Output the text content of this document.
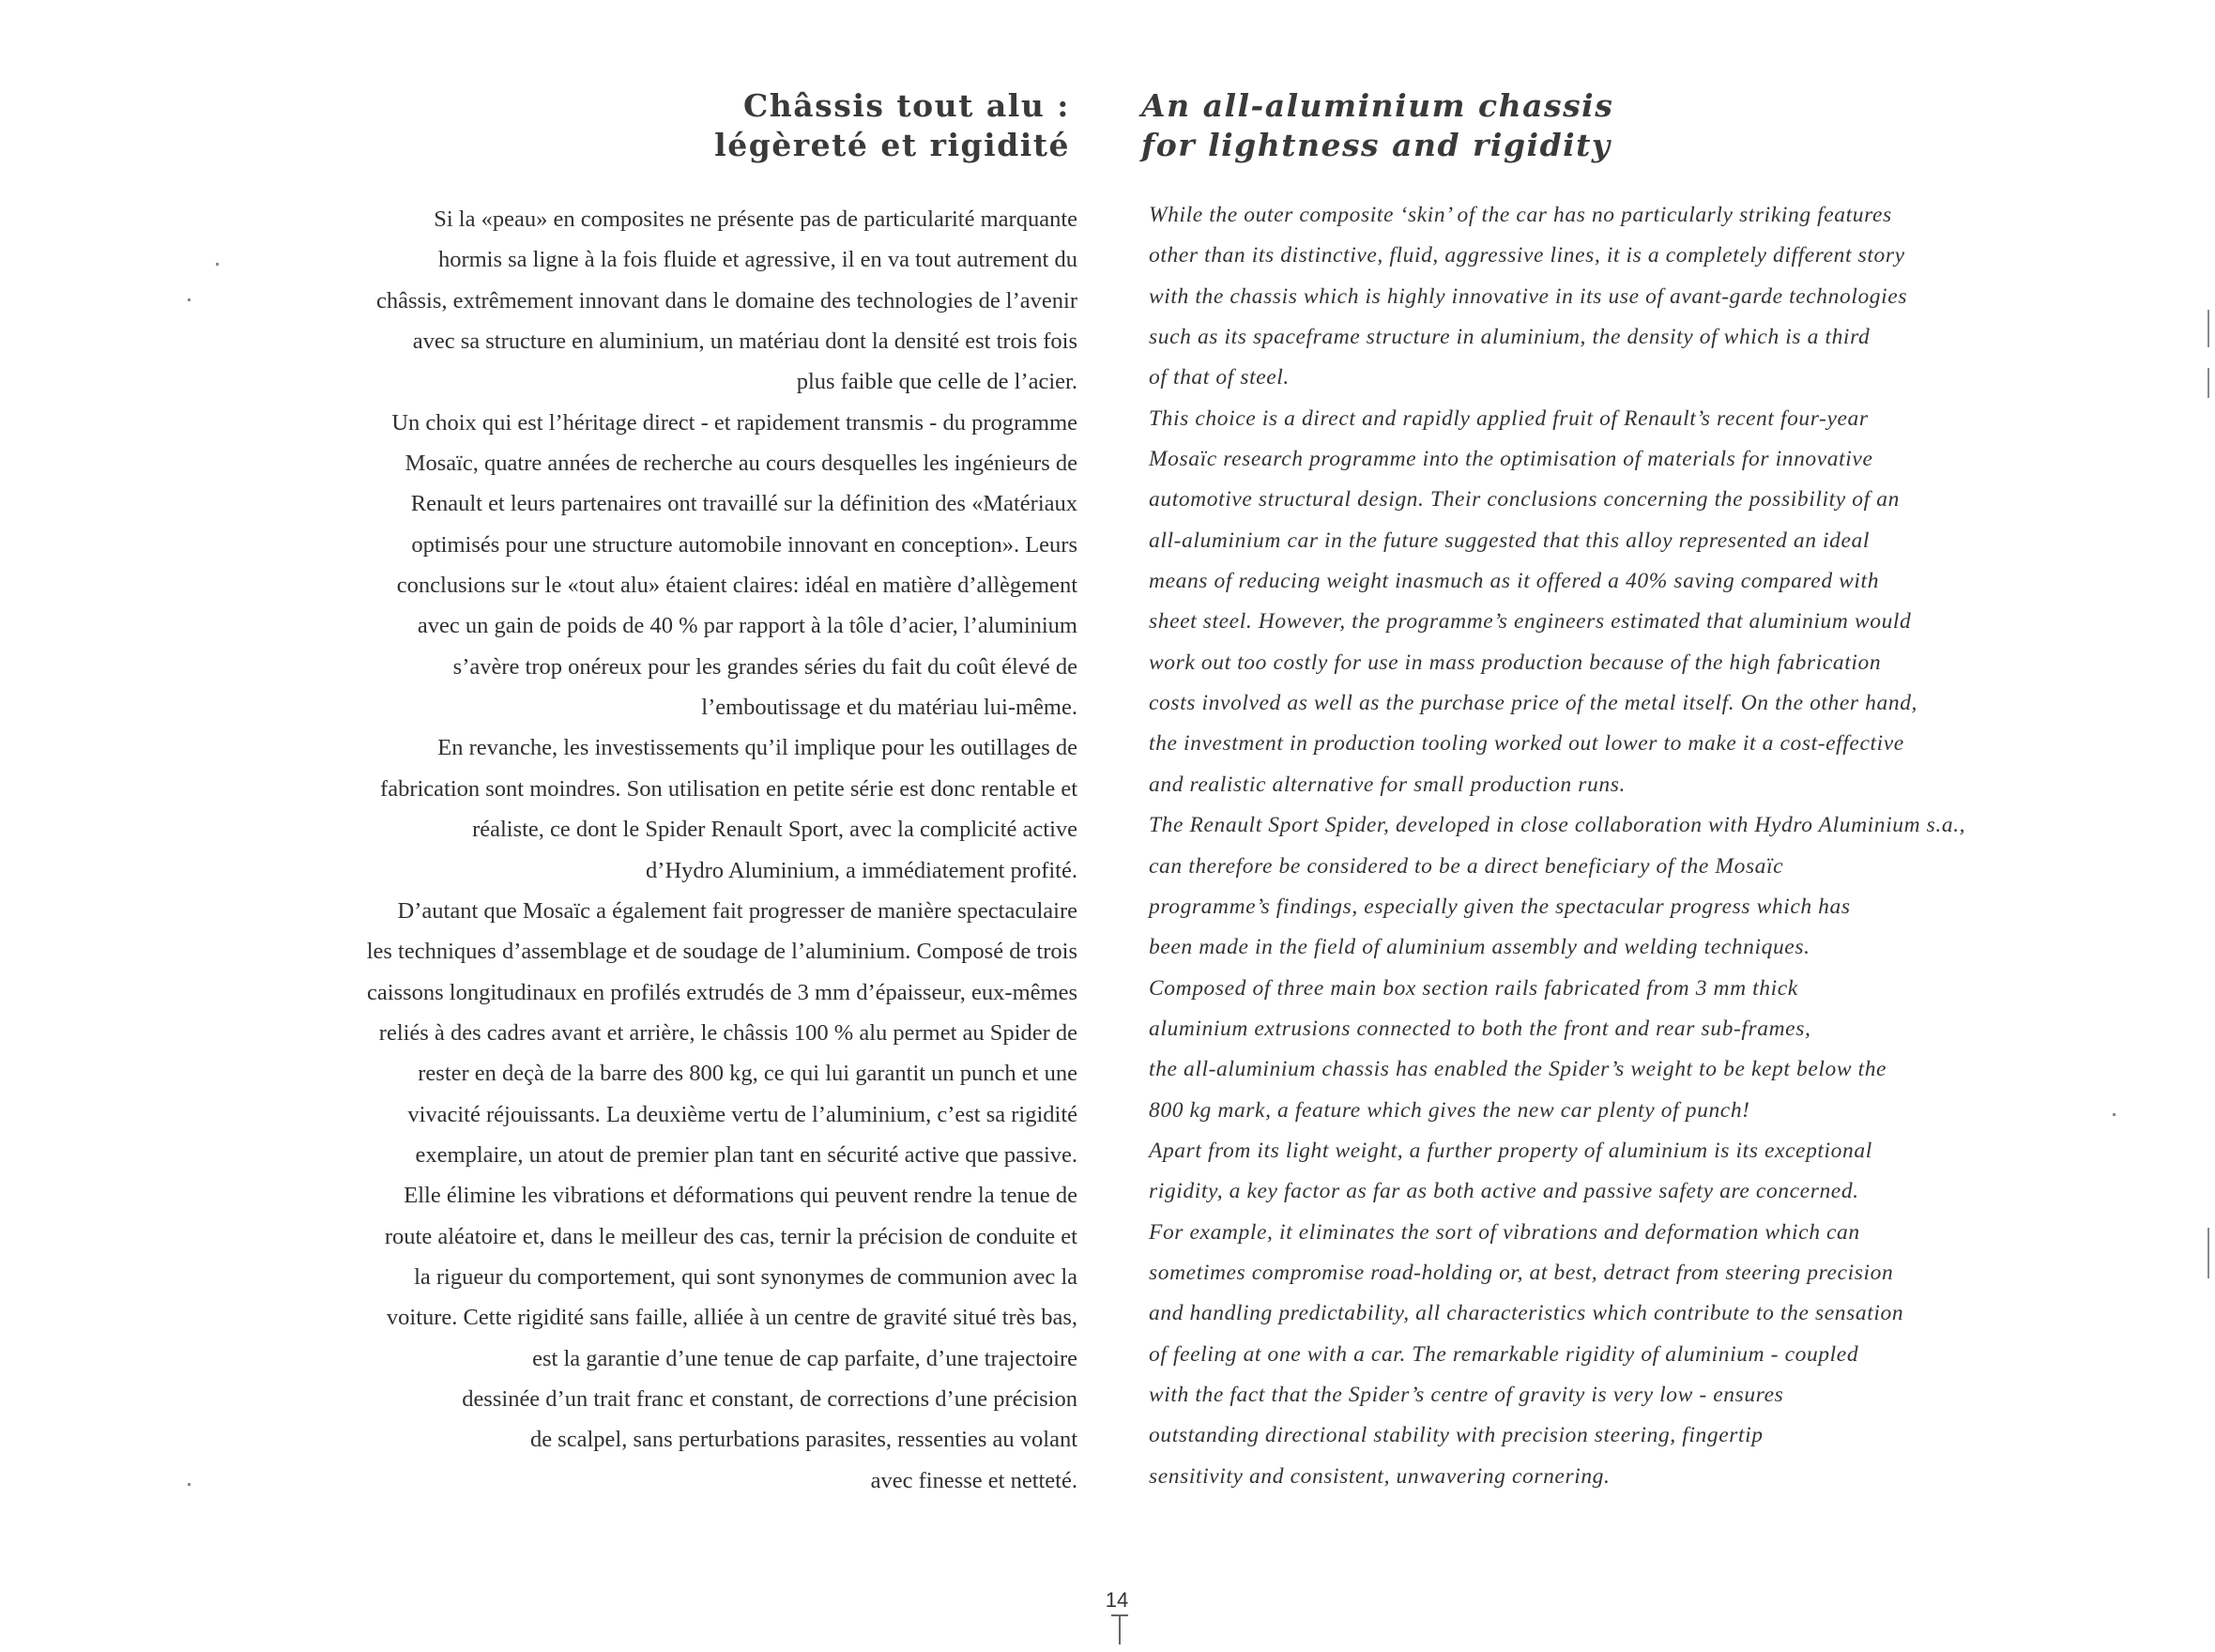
Châssis tout alu :
légèreté et rigidité
An all-aluminium chassis
for lightness and rigidity
Si la «peau» en composites ne présente pas de particularité marquante
hormis sa ligne à la fois fluide et agressive, il en va tout autrement du
châssis, extrêmement innovant dans le domaine des technologies de l’avenir
avec sa structure en aluminium, un matériau dont la densité est trois fois
plus faible que celle de l’acier.
Un choix qui est l’héritage direct - et rapidement transmis - du programme
Mosaïc, quatre années de recherche au cours desquelles les ingénieurs de
Renault et leurs partenaires ont travaillé sur la définition des «Matériaux
optimisés pour une structure automobile innovant en conception». Leurs
conclusions sur le «tout alu» étaient claires: idéal en matière d’allègement
avec un gain de poids de 40 % par rapport à la tôle d’acier, l’aluminium
s’avère trop onéreux pour les grandes séries du fait du coût élevé de
l’emboutissage et du matériau lui-même.
En revanche, les investissements qu’il implique pour les outillages de
fabrication sont moindres. Son utilisation en petite série est donc rentable et
réaliste, ce dont le Spider Renault Sport, avec la complicité active
d’Hydro Aluminium, a immédiatement profité.
D’autant que Mosaïc a également fait progresser de manière spectaculaire
les techniques d’assemblage et de soudage de l’aluminium. Composé de trois
caissons longitudinaux en profilés extrudés de 3 mm d’épaisseur, eux-mêmes
reliés à des cadres avant et arrière, le châssis 100 % alu permet au Spider de
rester en deçà de la barre des 800 kg, ce qui lui garantit un punch et une
vivacité réjouissants. La deuxième vertu de l’aluminium, c’est sa rigidité
exemplaire, un atout de premier plan tant en sécurité active que passive.
Elle élimine les vibrations et déformations qui peuvent rendre la tenue de
route aléatoire et, dans le meilleur des cas, ternir la précision de conduite et
la rigueur du comportement, qui sont synonymes de communion avec la
voiture. Cette rigidité sans faille, alliée à un centre de gravité situé très bas,
est la garantie d’une tenue de cap parfaite, d’une trajectoire
dessinée d’un trait franc et constant, de corrections d’une précision
de scalpel, sans perturbations parasites, ressenties au volant
avec finesse et netteté.
While the outer composite ‘skin’ of the car has no particularly striking features
other than its distinctive, fluid, aggressive lines, it is a completely different story
with the chassis which is highly innovative in its use of avant-garde technologies
such as its spaceframe structure in aluminium, the density of which is a third
of that of steel.
This choice is a direct and rapidly applied fruit of Renault’s recent four-year
Mosaïc research programme into the optimisation of materials for innovative
automotive structural design. Their conclusions concerning the possibility of an
all-aluminium car in the future suggested that this alloy represented an ideal
means of reducing weight inasmuch as it offered a 40% saving compared with
sheet steel. However, the programme’s engineers estimated that aluminium would
work out too costly for use in mass production because of the high fabrication
costs involved as well as the purchase price of the metal itself. On the other hand,
the investment in production tooling worked out lower to make it a cost-effective
and realistic alternative for small production runs.
The Renault Sport Spider, developed in close collaboration with Hydro Aluminium s.a.,
can therefore be considered to be a direct beneficiary of the Mosaïc
programme’s findings, especially given the spectacular progress which has
been made in the field of aluminium assembly and welding techniques.
Composed of three main box section rails fabricated from 3 mm thick
aluminium extrusions connected to both the front and rear sub-frames,
the all-aluminium chassis has enabled the Spider’s weight to be kept below the
800 kg mark, a feature which gives the new car plenty of punch!
Apart from its light weight, a further property of aluminium is its exceptional
rigidity, a key factor as far as both active and passive safety are concerned.
For example, it eliminates the sort of vibrations and deformation which can
sometimes compromise road-holding or, at best, detract from steering precision
and handling predictability, all characteristics which contribute to the sensation
of feeling at one with a car. The remarkable rigidity of aluminium - coupled
with the fact that the Spider’s centre of gravity is very low - ensures
outstanding directional stability with precision steering, fingertip
sensitivity and consistent, unwavering cornering.
14
